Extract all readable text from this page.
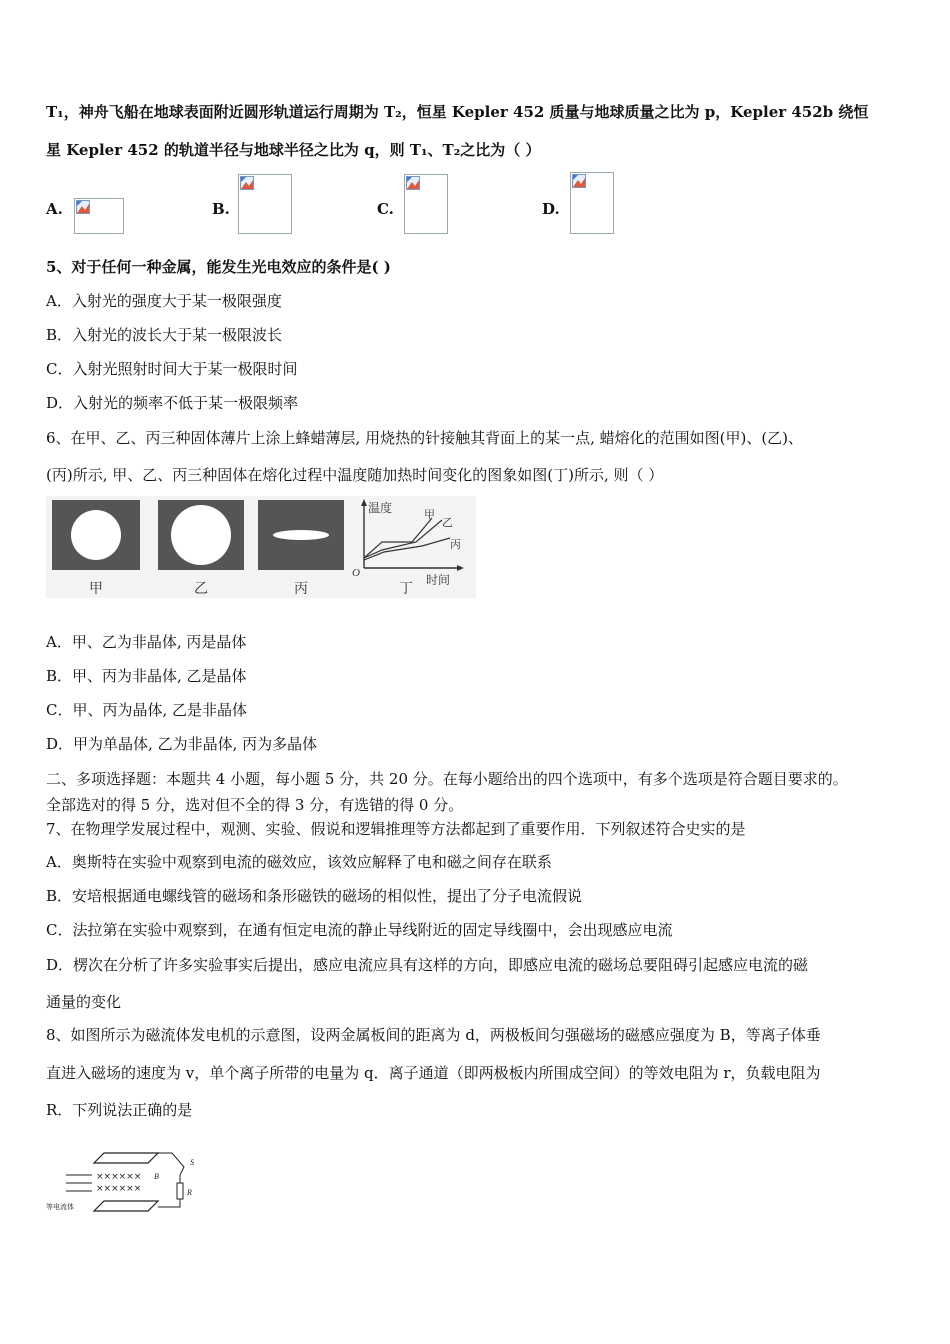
T₁，神舟飞船在地球表面附近圆形轨道运行周期为 T₂，恒星 Kepler 452 质量与地球质量之比为 p，Kepler 452b 绕恒
星 Kepler 452 的轨道半径与地球半径之比为 q，则 T₁、T₂之比为（ ）
A.	B.	C.	D.
5、对于任何一种金属，能发生光电效应的条件是( )
A．入射光的强度大于某一极限强度
B．入射光的波长大于某一极限波长
C．入射光照射时间大于某一极限时间
D．入射光的频率不低于某一极限频率
6、在甲、乙、丙三种固体薄片上涂上蜂蜡薄层, 用烧热的针接触其背面上的某一点, 蜡熔化的范围如图(甲)、(乙)、
(丙)所示, 甲、乙、丙三种固体在熔化过程中温度随加热时间变化的图象如图(丁)所示, 则（ ）
甲	乙	丙
温度
时间
O
甲
乙
丙
丁
A．甲、乙为非晶体, 丙是晶体
B．甲、丙为非晶体, 乙是晶体
C．甲、丙为晶体, 乙是非晶体
D．甲为单晶体, 乙为非晶体, 丙为多晶体
二、多项选择题：本题共 4 小题，每小题 5 分，共 20 分。在每小题给出的四个选项中，有多个选项是符合题目要求的。
全部选对的得 5 分，选对但不全的得 3 分，有选错的得 0 分。
7、在物理学发展过程中，观测、实验、假说和逻辑推理等方法都起到了重要作用．下列叙述符合史实的是
A．奥斯特在实验中观察到电流的磁效应，该效应解释了电和磁之间存在联系
B．安培根据通电螺线管的磁场和条形磁铁的磁场的相似性，提出了分子电流假说
C．法拉第在实验中观察到，在通有恒定电流的静止导线附近的固定导线圈中，会出现感应电流
D．楞次在分析了许多实验事实后提出，感应电流应具有这样的方向，即感应电流的磁场总要阻碍引起感应电流的磁
通量的变化
8、如图所示为磁流体发电机的示意图，设两金属板间的距离为 d，两极板间匀强磁场的磁感应强度为 B，等离子体垂
直进入磁场的速度为 v，单个离子所带的电量为 q．离子通道（即两极板内所围成空间）的等效电阻为 r，负载电阻为
R．下列说法正确的是
××××××
××××××
B
S
R
等电流体
